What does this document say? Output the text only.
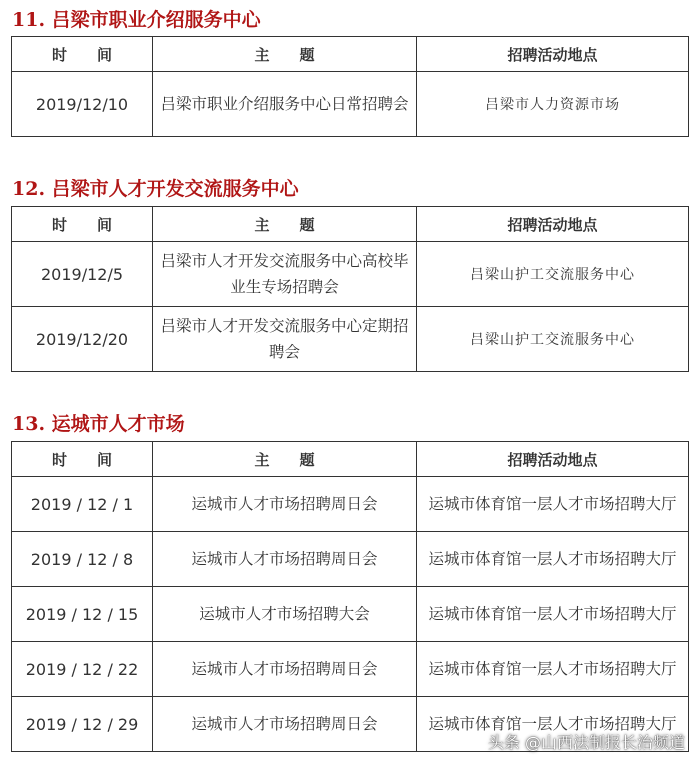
11. 吕梁市职业介绍服务中心
时　　间	主　　题	招聘活动地点
2019/12/10	吕梁市职业介绍服务中心日常招聘会	吕梁市人力资源市场
12. 吕梁市人才开发交流服务中心
时　　间	主　　题	招聘活动地点
2019/12/5	吕梁市人才开发交流服务中心高校毕业生专场招聘会	吕梁山护工交流服务中心
2019/12/20	吕梁市人才开发交流服务中心定期招聘会	吕梁山护工交流服务中心
13. 运城市人才市场
时　　间	主　　题	招聘活动地点
2019 / 12 / 1	运城市人才市场招聘周日会	运城市体育馆一层人才市场招聘大厅
2019 / 12 / 8	运城市人才市场招聘周日会	运城市体育馆一层人才市场招聘大厅
2019 / 12 / 15	运城市人才市场招聘大会	运城市体育馆一层人才市场招聘大厅
2019 / 12 / 22	运城市人才市场招聘周日会	运城市体育馆一层人才市场招聘大厅
2019 / 12 / 29	运城市人才市场招聘周日会	运城市体育馆一层人才市场招聘大厅
头条 @山西法制报长治频道
